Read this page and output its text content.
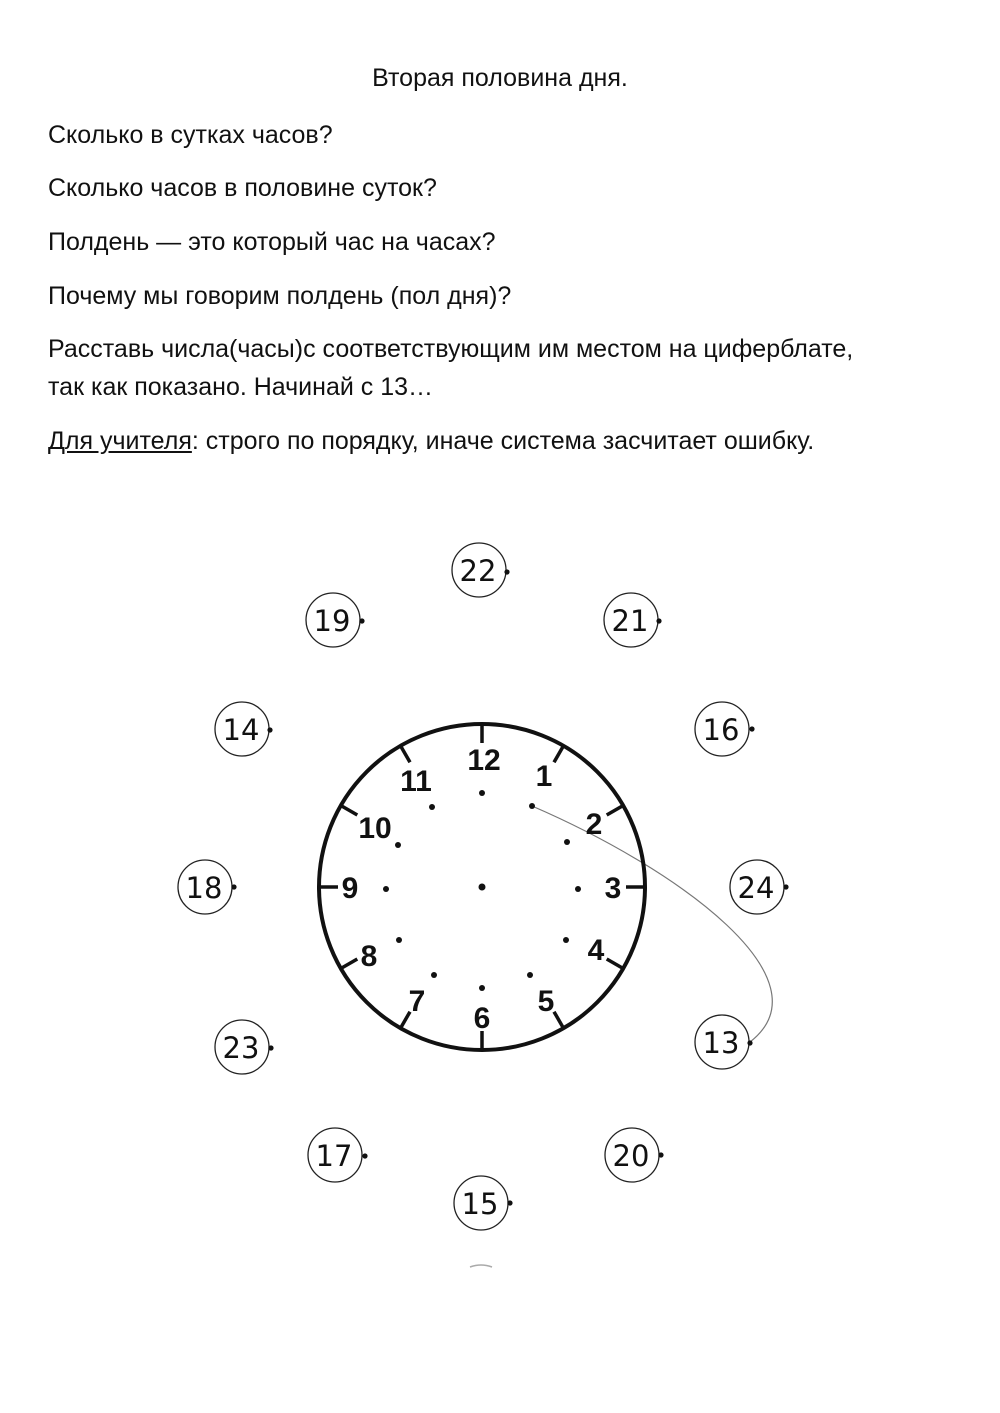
Вторая половина дня.
Сколько в сутках часов?
Сколько часов в половине суток?
Полдень — это который час на часах?
Почему мы говорим полдень (пол дня)?
Расставь числа(часы)с соответствующим им местом на циферблате,
так как показано. Начинай с 13…
Для учителя: строго по порядку, иначе система засчитает ошибку.
12 1
2
3
4
5
6
7
8
9
10
11
22
19	21
14	16
18	24
23	13
17	20
15
